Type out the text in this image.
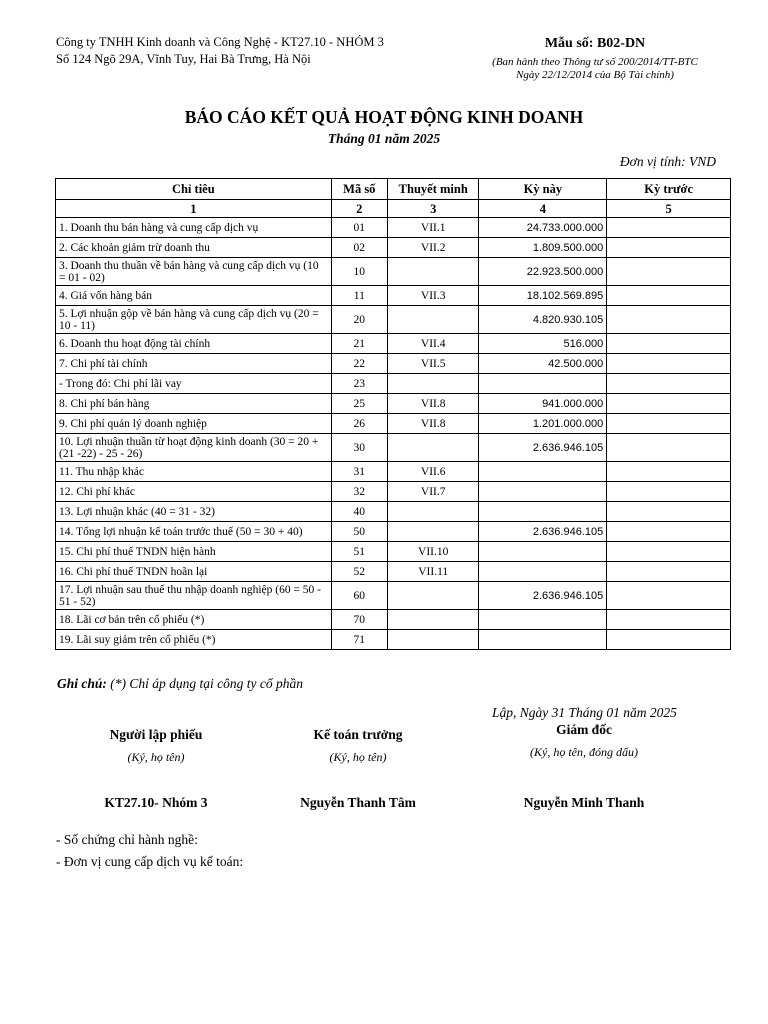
Công ty TNHH Kinh doanh và Công Nghệ - KT27.10 - NHÓM 3
Số 124 Ngõ 29A, Vĩnh Tuy, Hai Bà Trưng, Hà Nội
Mẫu số: B02-DN
(Ban hành theo Thông tư số 200/2014/TT-BTC
Ngày 22/12/2014 của Bộ Tài chính)
BÁO CÁO KẾT QUẢ HOẠT ĐỘNG KINH DOANH
Tháng 01 năm 2025
Đơn vị tính: VND
Chỉ tiêu	Mã số	Thuyết minh	Kỳ này	Kỳ trước
1	2	3	4	5
1. Doanh thu bán hàng và cung cấp dịch vụ	01	VII.1	24.733.000.000	
2. Các khoản giảm trừ doanh thu	02	VII.2	1.809.500.000	
3. Doanh thu thuần về bán hàng và cung cấp dịch vụ (10 = 01 - 02)	10		22.923.500.000	
4. Giá vốn hàng bán	11	VII.3	18.102.569.895	
5. Lợi nhuận gộp về bán hàng và cung cấp dịch vụ (20 = 10 - 11)	20		4.820.930.105	
6. Doanh thu hoạt động tài chính	21	VII.4	516.000	
7. Chi phí tài chính	22	VII.5	42.500.000	
- Trong đó: Chi phí lãi vay	23			
8. Chi phí bán hàng	25	VII.8	941.000.000	
9. Chi phí quản lý doanh nghiệp	26	VII.8	1.201.000.000	
10. Lợi nhuận thuần từ hoạt động kinh doanh (30 = 20 + (21 -22) - 25 - 26)	30		2.636.946.105	
11. Thu nhập khác	31	VII.6		
12. Chi phí khác	32	VII.7		
13. Lợi nhuận khác (40 = 31 - 32)	40			
14. Tổng lợi nhuận kế toán trước thuế (50 = 30 + 40)	50		2.636.946.105	
15. Chi phí thuế TNDN hiện hành	51	VII.10		
16. Chi phí thuế TNDN hoãn lại	52	VII.11		
17. Lợi nhuận sau thuế thu nhập doanh nghiệp (60 = 50 - 51 - 52)	60		2.636.946.105	
18. Lãi cơ bản trên cổ phiếu (*)	70			
19. Lãi suy giảm trên cổ phiếu (*)	71			
Ghi chú: (*) Chỉ áp dụng tại công ty cổ phần
Lập, Ngày 31 Tháng 01 năm 2025
Người lập phiếu
(Ký, họ tên)
KT27.10- Nhóm 3
Kế toán trưởng
(Ký, họ tên)
Nguyễn Thanh Tâm
Giám đốc
(Ký, họ tên, đóng dấu)
Nguyễn Minh Thanh
- Số chứng chỉ hành nghề:
- Đơn vị cung cấp dịch vụ kế toán:
